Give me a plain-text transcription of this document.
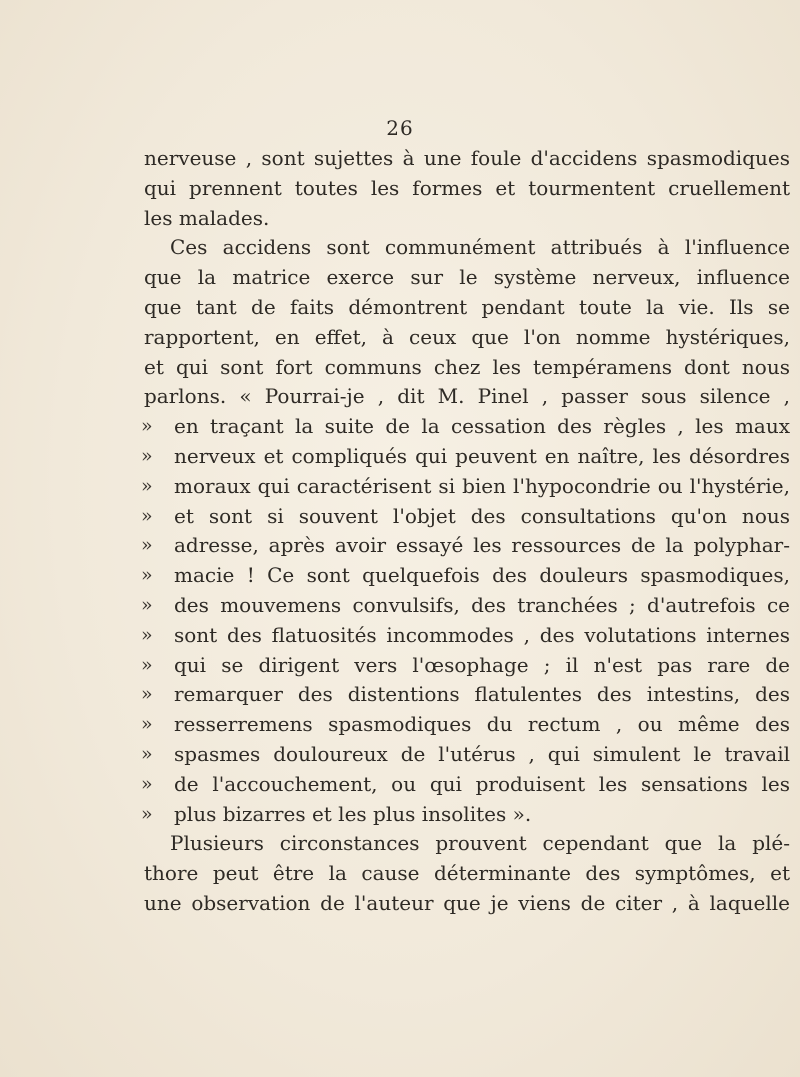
26
nerveuse , sont sujettes à une foule d'accidens spasmodiques
qui prennent toutes les formes et tourmentent cruellement
les malades.
Ces accidens sont communément attribués à l'influence
que la matrice exerce sur le système nerveux, influence
que tant de faits démontrent pendant toute la vie. Ils se
rapportent, en effet, à ceux que l'on nomme hystériques,
et qui sont fort communs chez les tempéramens dont nous
parlons. « Pourrai-je , dit M. Pinel , passer sous silence ,
» en traçant la suite de la cessation des règles , les maux
» nerveux et compliqués qui peuvent en naître, les désordres
» moraux qui caractérisent si bien l'hypocondrie ou l'hystérie,
» et sont si souvent l'objet des consultations qu'on nous
» adresse, après avoir essayé les ressources de la polyphar-
» macie ! Ce sont quelquefois des douleurs spasmodiques,
» des mouvemens convulsifs, des tranchées ; d'autrefois ce
» sont des flatuosités incommodes , des volutations internes
» qui se dirigent vers l'œsophage ; il n'est pas rare de
» remarquer des distentions flatulentes des intestins, des
» resserremens spasmodiques du rectum , ou même des
» spasmes douloureux de l'utérus , qui simulent le travail
» de l'accouchement, ou qui produisent les sensations les
» plus bizarres et les plus insolites ».
Plusieurs circonstances prouvent cependant que la plé-
thore peut être la cause déterminante des symptômes, et
une observation de l'auteur que je viens de citer , à laquelle
